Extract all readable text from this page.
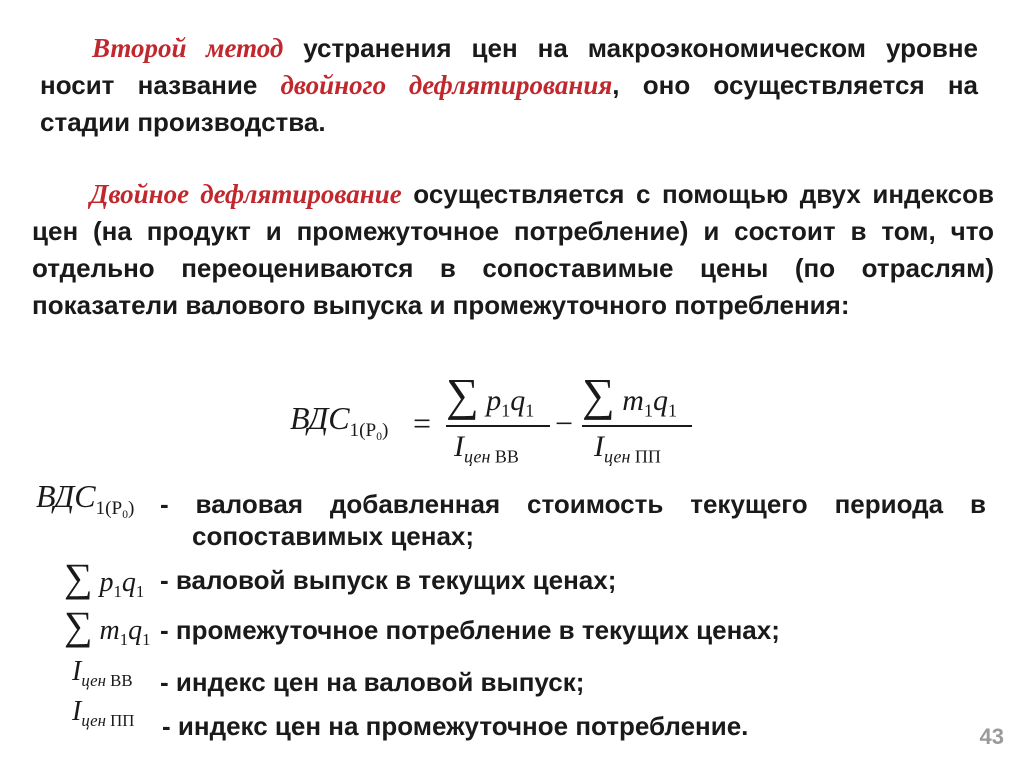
Второй метод устранения цен на макроэкономическом уровне носит название двойного дефлятирования, оно осуществляется на стадии производства.

Двойное дефлятирование осуществляется с помощью двух индексов цен (на продукт и промежуточное потребление) и состоит в том, что отдельно переоцениваются в сопоставимые цены (по отраслям) показатели валового выпуска и промежуточного потребления:

$ВДС_{1(P_0)}$ =
∑ $p_1q_1$
$I_{цен ВВ}$
−
∑ $m_1q_1$
$I_{цен ПП}$
$ВДС_{1(P_0)}$ - валовая добавленная стоимость текущего периода в
сопоставимых ценах;
∑ $p_1q_1$ - валовой выпуск в текущих ценах;
∑ $m_1q_1$ - промежуточное потребление в текущих ценах;
$I_{цен ВВ}$ - индекс цен на валовой выпуск;
$I_{цен ПП}$ - индекс цен на промежуточное потребление.	43
